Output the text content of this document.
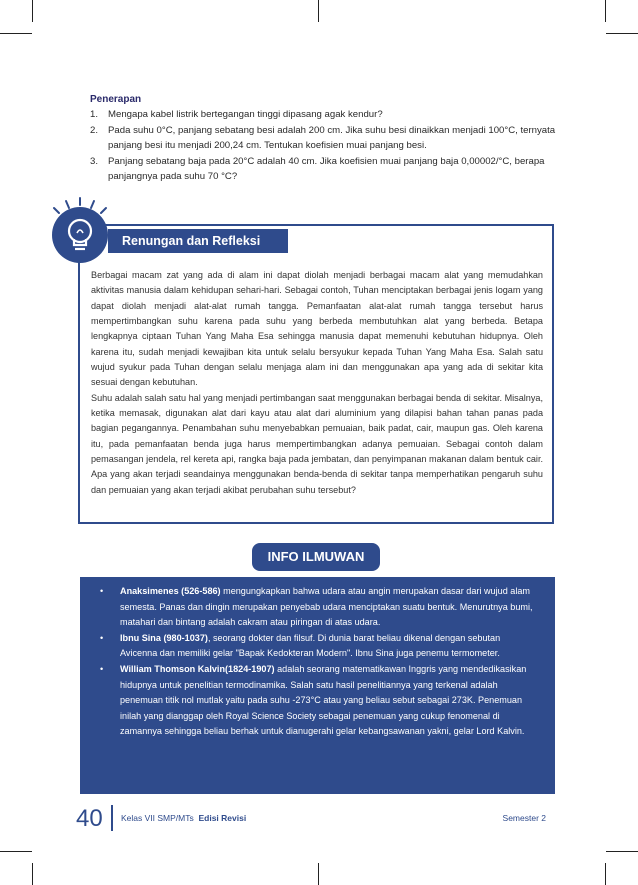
Penerapan
1. Mengapa kabel listrik bertegangan tinggi dipasang agak kendur?
2. Pada suhu 0°C, panjang sebatang besi adalah 200 cm. Jika suhu besi dinaikkan menjadi 100°C, ternyata panjang besi itu menjadi 200,24 cm. Tentukan koefisien muai panjang besi.
3. Panjang sebatang baja pada 20°C adalah 40 cm. Jika koefisien muai panjang baja 0,00002/°C, berapa panjangnya pada suhu 70 °C?
Renungan dan Refleksi

Berbagai macam zat yang ada di alam ini dapat diolah menjadi berbagai macam alat yang memudahkan aktivitas manusia dalam kehidupan sehari-hari. Sebagai contoh, Tuhan menciptakan berbagai jenis logam yang dapat diolah menjadi alat-alat rumah tangga. Pemanfaatan alat-alat rumah tangga tersebut harus mempertimbangkan suhu karena pada suhu yang berbeda membutuhkan alat yang berbeda. Betapa lengkapnya ciptaan Tuhan Yang Maha Esa sehingga manusia dapat memenuhi kebutuhan hidupnya. Oleh karena itu, sudah menjadi kewajiban kita untuk selalu bersyukur kepada Tuhan Yang Maha Esa. Salah satu wujud syukur pada Tuhan dengan selalu menjaga alam ini dan menggunakan apa yang ada di sekitar kita sesuai dengan kebutuhan.

Suhu adalah salah satu hal yang menjadi pertimbangan saat menggunakan berbagai benda di sekitar. Misalnya, ketika memasak, digunakan alat dari kayu atau alat dari aluminium yang dilapisi bahan tahan panas pada bagian pegangannya. Penambahan suhu menyebabkan pemuaian, baik padat, cair, maupun gas. Oleh karena itu, pada pemanfaatan benda juga harus mempertimbangkan adanya pemuaian. Sebagai contoh dalam pemasangan jendela, rel kereta api, rangka baja pada jembatan, dan penyimpanan makanan dalam bentuk cair. Apa yang akan terjadi seandainya menggunakan benda-benda di sekitar tanpa memperhatikan pengaruh suhu dan pemuaian yang akan terjadi akibat perubahan suhu tersebut?

INFO ILMUWAN
• Anaksimenes (526-586) mengungkapkan bahwa udara atau angin merupakan dasar dari wujud alam semesta. Panas dan dingin merupakan penyebab udara menciptakan suatu bentuk. Menurutnya bumi, matahari dan bintang adalah cakram atau piringan di atas udara.
• Ibnu Sina (980-1037), seorang dokter dan filsuf. Di dunia barat beliau dikenal dengan sebutan Avicenna dan memiliki gelar "Bapak Kedokteran Modern". Ibnu Sina juga penemu termometer.
• William Thomson Kalvin(1824-1907) adalah seorang matematikawan Inggris yang mendedikasikan hidupnya untuk penelitian termodinamika. Salah satu hasil penelitiannya yang terkenal adalah penemuan titik nol mutlak yaitu pada suhu -273°C atau yang beliau sebut sebagai 273K. Penemuan inilah yang dianggap oleh Royal Science Society sebagai penemuan yang cukup fenomenal di zamannya sehingga beliau berhak untuk dianugerahi gelar kebangsawanan yakni, gelar Lord Kalvin.
40 Kelas VII SMP/MTs Edisi Revisi	Semester 2
